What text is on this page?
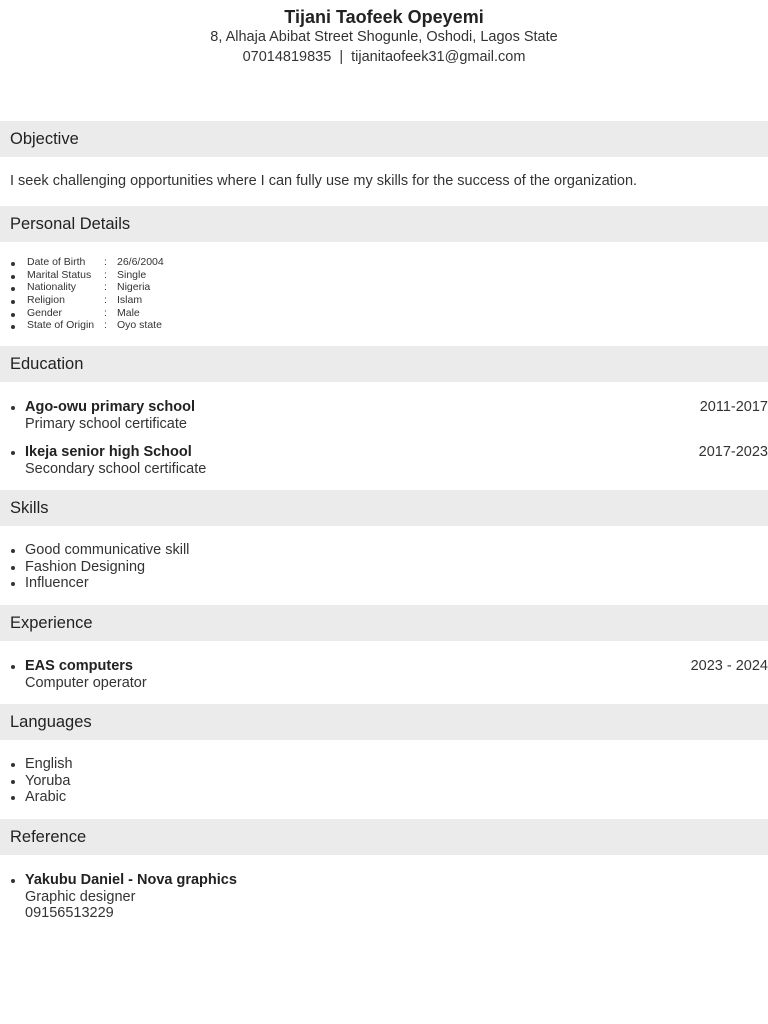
Tijani Taofeek Opeyemi
8, Alhaja Abibat Street Shogunle, Oshodi, Lagos State
07014819835 | tijanitaofeek31@gmail.com
Objective
I seek challenging opportunities where I can fully use my skills for the success of the organization.
Personal Details
Date of Birth : 26/6/2004
Marital Status : Single
Nationality	: Nigeria
Religion	: Islam
Gender	: Male
State of Origin : Oyo state
Education
Ago-owu primary school
Primary school certificate
2011-2017
Ikeja senior high School
Secondary school certificate
2017-2023
Skills
Good communicative skill
Fashion Designing
Influencer
Experience
EAS computers
Computer operator
2023 - 2024
Languages
English
Yoruba
Arabic
Reference
Yakubu Daniel - Nova graphics
Graphic designer
09156513229
